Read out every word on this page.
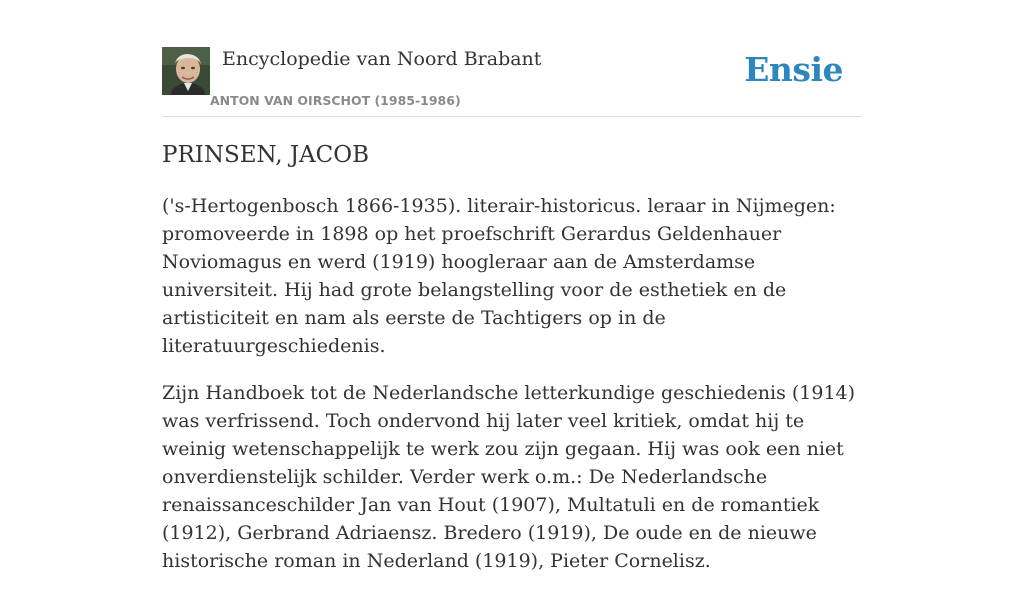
Encyclopedie van Noord Brabant
ANTON VAN OIRSCHOT (1985-1986)
Ensie
PRINSEN, JACOB

('s-Hertogenbosch 1866-1935). literair-historicus. leraar in Nijmegen: promoveerde in 1898 op het proefschrift Gerardus Geldenhauer Noviomagus en werd (1919) hoogleraar aan de Amsterdamse universiteit. Hij had grote belangstelling voor de esthetiek en de artisticiteit en nam als eerste de Tachtigers op in de literatuurgeschiedenis.

Zijn Handboek tot de Nederlandsche letterkundige geschiedenis (1914) was verfrissend. Toch ondervond hij later veel kritiek, omdat hij te weinig wetenschappelijk te werk zou zijn gegaan. Hij was ook een niet onverdienstelijk schilder. Verder werk o.m.: De Nederlandsche renaissanceschilder Jan van Hout (1907), Multatuli en de romantiek (1912), Gerbrand Adriaensz. Bredero (1919), De oude en de nieuwe historische roman in Nederland (1919), Pieter Cornelisz.
